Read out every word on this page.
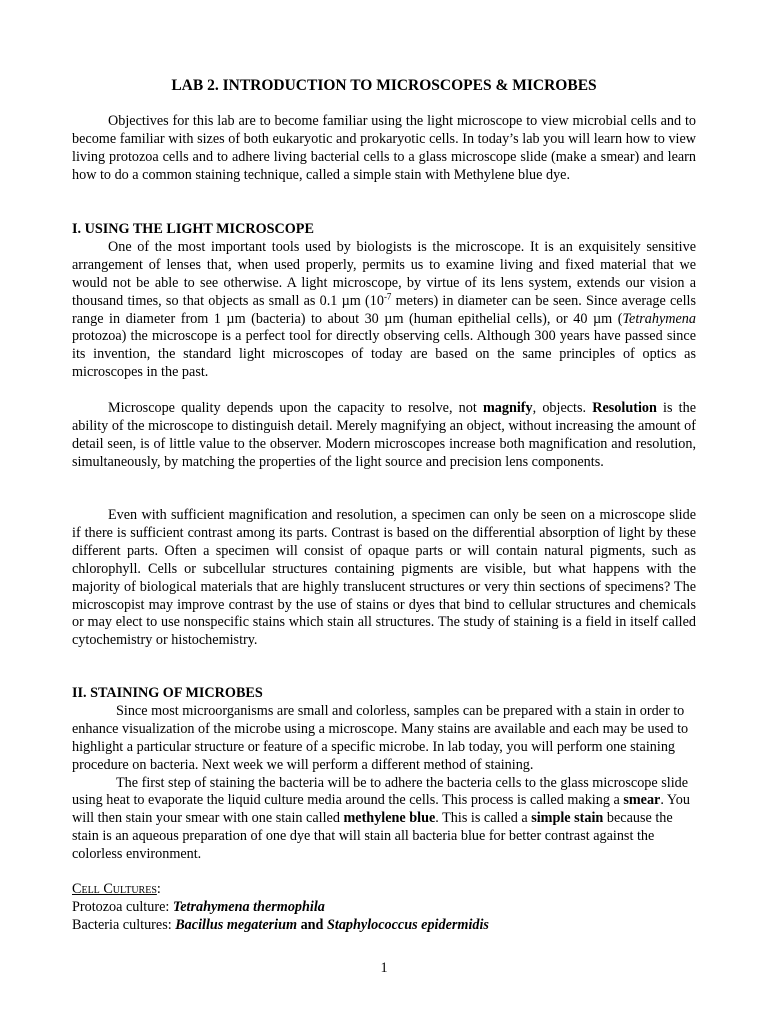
LAB 2. INTRODUCTION TO MICROSCOPES & MICROBES

Objectives for this lab are to become familiar using the light microscope to view microbial cells and to become familiar with sizes of both eukaryotic and prokaryotic cells. In today’s lab you will learn how to view living protozoa cells and to adhere living bacterial cells to a glass microscope slide (make a smear) and learn how to do a common staining technique, called a simple stain with Methylene blue dye.

I. USING THE LIGHT MICROSCOPE

One of the most important tools used by biologists is the microscope. It is an exquisitely sensitive arrangement of lenses that, when used properly, permits us to examine living and fixed material that we would not be able to see otherwise. A light microscope, by virtue of its lens system, extends our vision a thousand times, so that objects as small as 0.1 µm ($10^{-7}$ meters) in diameter can be seen. Since average cells range in diameter from 1 µm (bacteria) to about 30 µm (human epithelial cells), or 40 µm (Tetrahymena protozoa) the microscope is a perfect tool for directly observing cells. Although 300 years have passed since its invention, the standard light microscopes of today are based on the same principles of optics as microscopes in the past.

Microscope quality depends upon the capacity to resolve, not magnify, objects. Resolution is the ability of the microscope to distinguish detail. Merely magnifying an object, without increasing the amount of detail seen, is of little value to the observer. Modern microscopes increase both magnification and resolution, simultaneously, by matching the properties of the light source and precision lens components.

Even with sufficient magnification and resolution, a specimen can only be seen on a microscope slide if there is sufficient contrast among its parts. Contrast is based on the differential absorption of light by these different parts. Often a specimen will consist of opaque parts or will contain natural pigments, such as chlorophyll. Cells or subcellular structures containing pigments are visible, but what happens with the majority of biological materials that are highly translucent structures or very thin sections of specimens? The microscopist may improve contrast by the use of stains or dyes that bind to cellular structures and chemicals or may elect to use nonspecific stains which stain all structures. The study of staining is a field in itself called cytochemistry or histochemistry.

II. STAINING OF MICROBES

Since most microorganisms are small and colorless, samples can be prepared with a stain in order to enhance visualization of the microbe using a microscope. Many stains are available and each may be used to highlight a particular structure or feature of a specific microbe. In lab today, you will perform one staining procedure on bacteria. Next week we will perform a different method of staining.

The first step of staining the bacteria will be to adhere the bacteria cells to the glass microscope slide using heat to evaporate the liquid culture media around the cells. This process is called making a smear. You will then stain your smear with one stain called methylene blue. This is called a simple stain because the stain is an aqueous preparation of one dye that will stain all bacteria blue for better contrast against the colorless environment.

Cell Cultures:

Protozoa culture: Tetrahymena thermophila

Bacteria cultures: Bacillus megaterium and Staphylococcus epidermidis

1
